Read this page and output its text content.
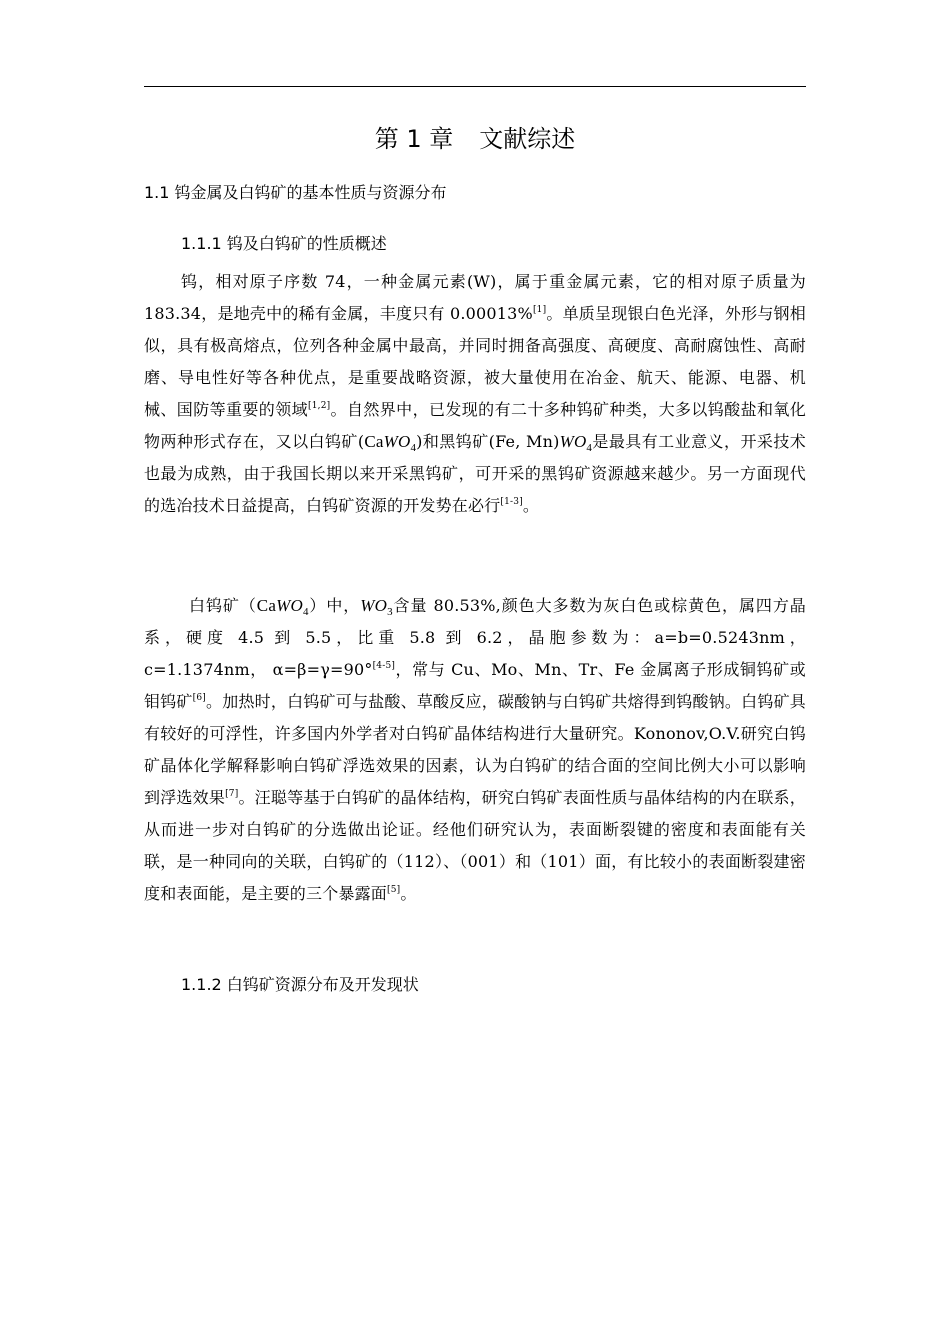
第 1 章 文献综述
1.1 钨金属及白钨矿的基本性质与资源分布
1.1.1 钨及白钨矿的性质概述

钨，相对原子序数 74，一种金属元素(W)，属于重金属元素，它的相对原子质量为 183.34，是地壳中的稀有金属，丰度只有 0.00013%[1]。单质呈现银白色光泽，外形与钢相似，具有极高熔点，位列各种金属中最高，并同时拥备高强度、高硬度、高耐腐蚀性、高耐磨、导电性好等各种优点，是重要战略资源，被大量使用在冶金、航天、能源、电器、机械、国防等重要的领域[1,2]。自然界中，已发现的有二十多种钨矿种类，大多以钨酸盐和氧化物两种形式存在，又以白钨矿(CaWO$_4$)和黑钨矿(Fe, $Mn)WO_4$是最具有工业意义，开采技术也最为成熟，由于我国长期以来开采黑钨矿，可开采的黑钨矿资源越来越少。另一方面现代的选冶技术日益提高，白钨矿资源的开发势在必行[1-3]。

白钨矿（CaWO$_4$）中，$WO_3$含量 80.53%,颜色大多数为灰白色或棕黄色，属四方晶系，硬度 4.5 到 5.5，比重 5.8 到 6.2，晶胞参数为：a=b=0.5243nm，c=1.1374nm， α=β=γ=90°[4-5]，常与 Cu、Mo、Mn、Tr、Fe 金属离子形成铜钨矿或钼钨矿[6]。加热时，白钨矿可与盐酸、草酸反应，碳酸钠与白钨矿共熔得到钨酸钠。白钨矿具有较好的可浮性，许多国内外学者对白钨矿晶体结构进行大量研究。Kononov,O.V.研究白钨矿晶体化学解释影响白钨矿浮选效果的因素，认为白钨矿的结合面的空间比例大小可以影响到浮选效果[7]。汪聪等基于白钨矿的晶体结构，研究白钨矿表面性质与晶体结构的内在联系，从而进一步对白钨矿的分选做出论证。经他们研究认为，表面断裂键的密度和表面能有关联，是一种同向的关联，白钨矿的（112）、（001）和（101）面，有比较小的表面断裂建密度和表面能，是主要的三个暴露面[5]。

1.1.2 白钨矿资源分布及开发现状
